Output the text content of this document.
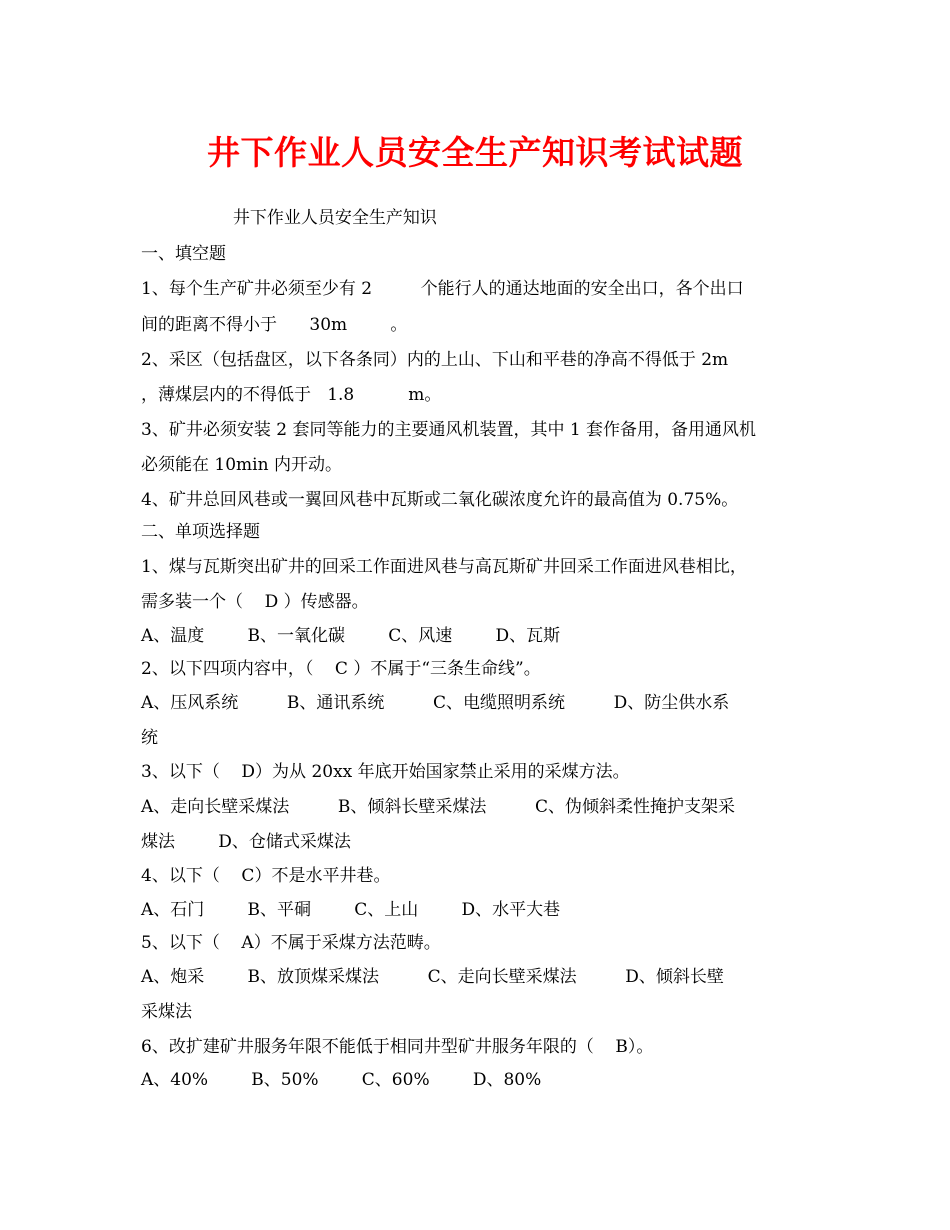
井下作业人员安全生产知识考试试题
井下作业人员安全生产知识
一、填空题
1、每个生产矿井必须至少有 2         个能行人的通达地面的安全出口，各个出口
间的距离不得小于      30m        。
2、采区（包括盘区，以下各条同）内的上山、下山和平巷的净高不得低于 2m
，薄煤层内的不得低于   1.8          m。
3、矿井必须安装 2 套同等能力的主要通风机装置，其中 1 套作备用，备用通风机
必须能在 10min 内开动。
4、矿井总回风巷或一翼回风巷中瓦斯或二氧化碳浓度允许的最高值为 0.75%。
二、单项选择题
1、煤与瓦斯突出矿井的回采工作面进风巷与高瓦斯矿井回采工作面进风巷相比，
需多装一个（    D ）传感器。
A、温度        B、一氧化碳        C、风速        D、瓦斯
2、以下四项内容中，（    C ）不属于“三条生命线”。
A、压风系统         B、通讯系统         C、电缆照明系统         D、防尘供水系
统
3、以下（    D）为从 20xx 年底开始国家禁止采用的采煤方法。
A、走向长壁采煤法         B、倾斜长壁采煤法         C、伪倾斜柔性掩护支架采
煤法        D、仓储式采煤法
4、以下（    C）不是水平井巷。
A、石门        B、平硐        C、上山        D、水平大巷
5、以下（    A）不属于采煤方法范畴。
A、炮采        B、放顶煤采煤法         C、走向长壁采煤法         D、倾斜长壁
采煤法
6、改扩建矿井服务年限不能低于相同井型矿井服务年限的（    B）。
A、40%        B、50%        C、60%        D、80%
